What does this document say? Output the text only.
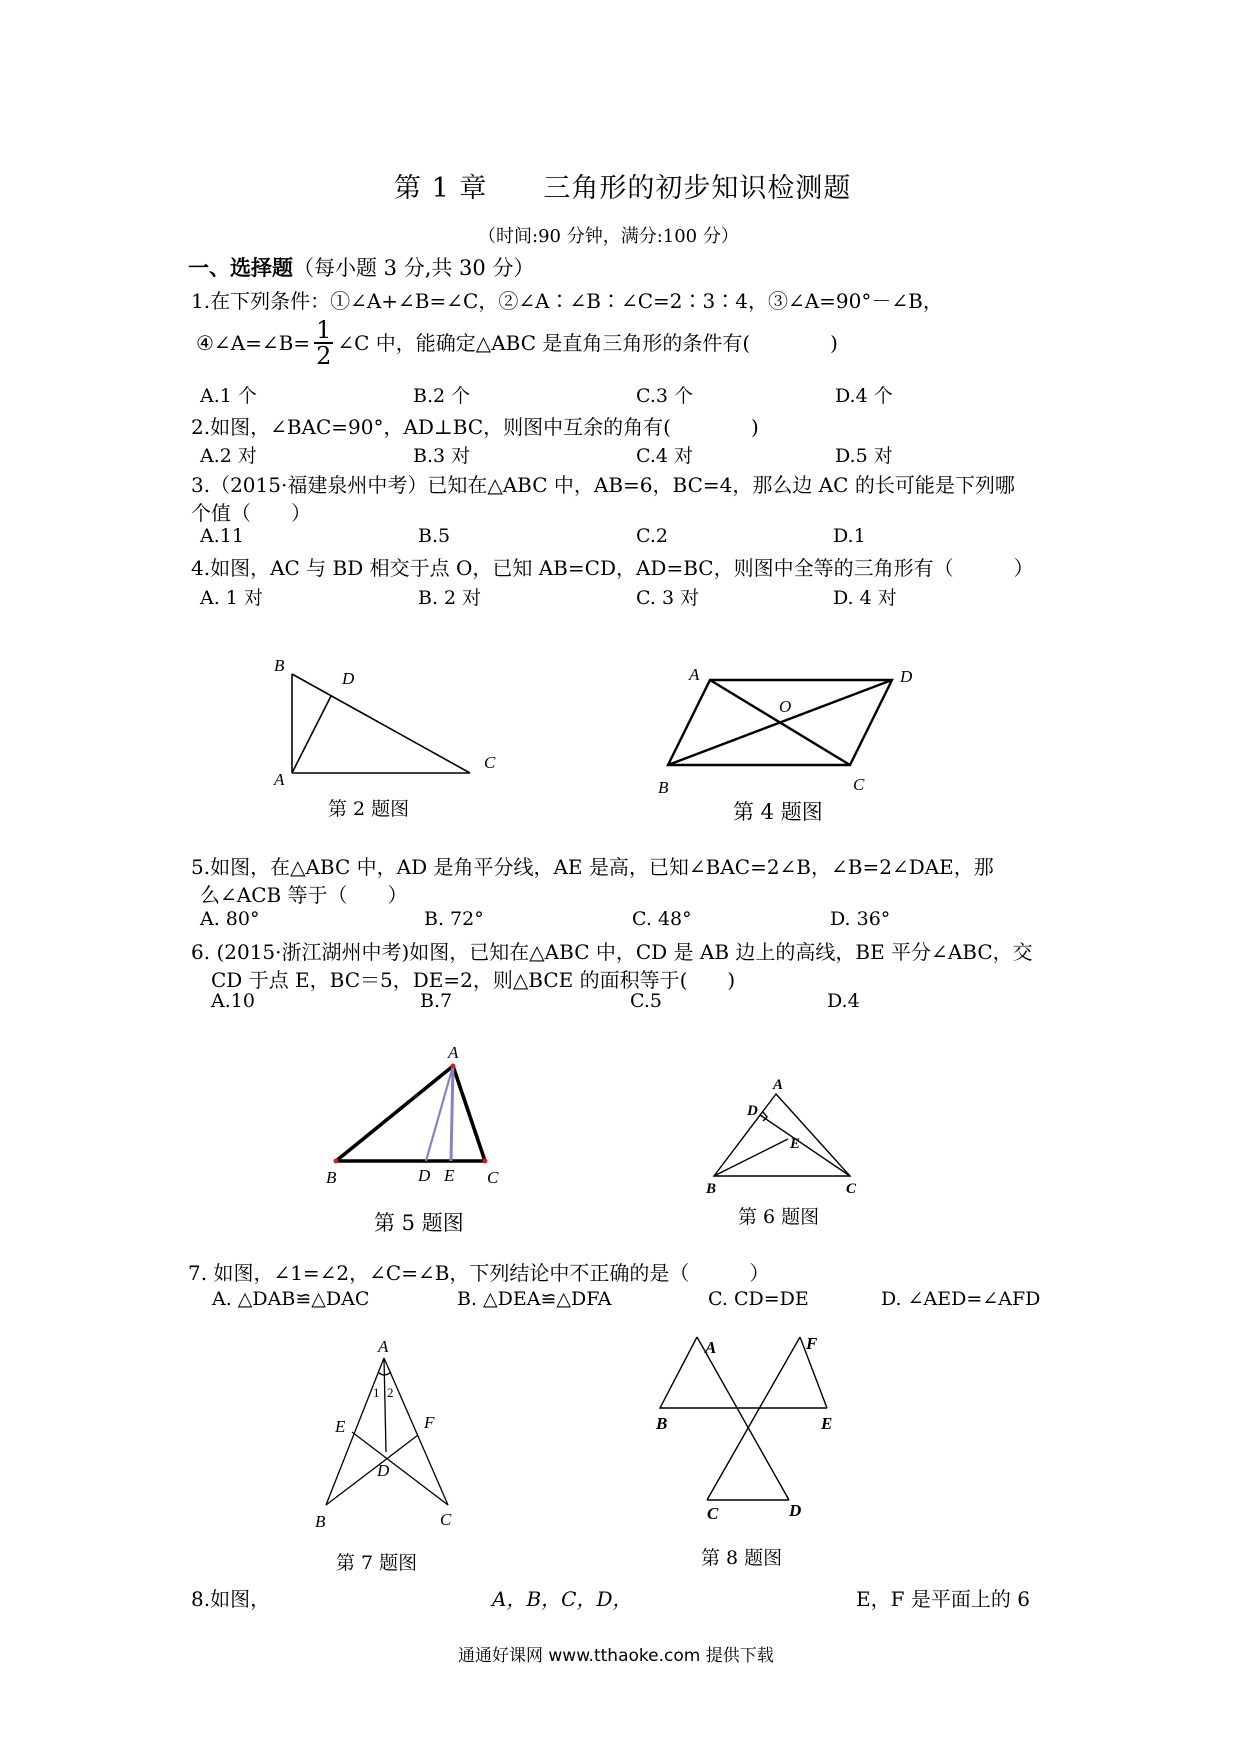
第 1 章　　三角形的初步知识检测题
（时间:90 分钟，满分:100 分）
一、选择题（每小题 3 分,共 30 分）
1.在下列条件：①∠A+∠B=∠C，②∠A∶∠B∶∠C=2∶3∶4，③∠A=90°－∠B，
④∠A=∠B= $\frac{1}{2}$ ∠C 中，能确定△ABC 是直角三角形的条件有(　　　　)
A.1 个	B.2 个	C.3 个	D.4 个
2.如图，∠BAC=90°，AD⊥BC，则图中互余的角有(　　　　)
A.2 对	B.3 对	C.4 对	D.5 对
3.（2015·福建泉州中考）已知在△ABC 中，AB=6，BC=4，那么边 AC 的长可能是下列哪
个值（　　）
A.11	B.5	C.2	D.1
4.如图，AC 与 BD 相交于点 O，已知 AB=CD，AD=BC，则图中全等的三角形有（　　　）
A. 1 对	B. 2 对	C. 3 对	D. 4 对
B
D
A
C
第 2 题图
A	D
O
B	C
第 4 题图
5.如图，在△ABC 中，AD 是角平分线，AE 是高，已知∠BAC=2∠B，∠B=2∠DAE，那
么∠ACB 等于（　　）
A. 80°	B. 72°	C. 48°	D. 36°
6. (2015·浙江湖州中考)如图，已知在△ABC 中，CD 是 AB 边上的高线，BE 平分∠ABC，交
CD 于点 E，BC＝5，DE=2，则△BCE 的面积等于(　　)
A.10	B.7	C.5	D.4
A
B	D E C
第 5 题图
A
D
E
B	C
第 6 题图
7. 如图，∠1=∠2，∠C=∠B，下列结论中不正确的是（　　　）
A. △DAB≌△DAC	B. △DEA≌△DFA	C. CD=DE	D. ∠AED=∠AFD
A
1 2
E	F
D
B	C
第 7 题图
A	F
B	E
C	D
第 8 题图
8.如图，	A，B，C，D，	E，F 是平面上的 6
通通好课网 www.tthaoke.com 提供下载
